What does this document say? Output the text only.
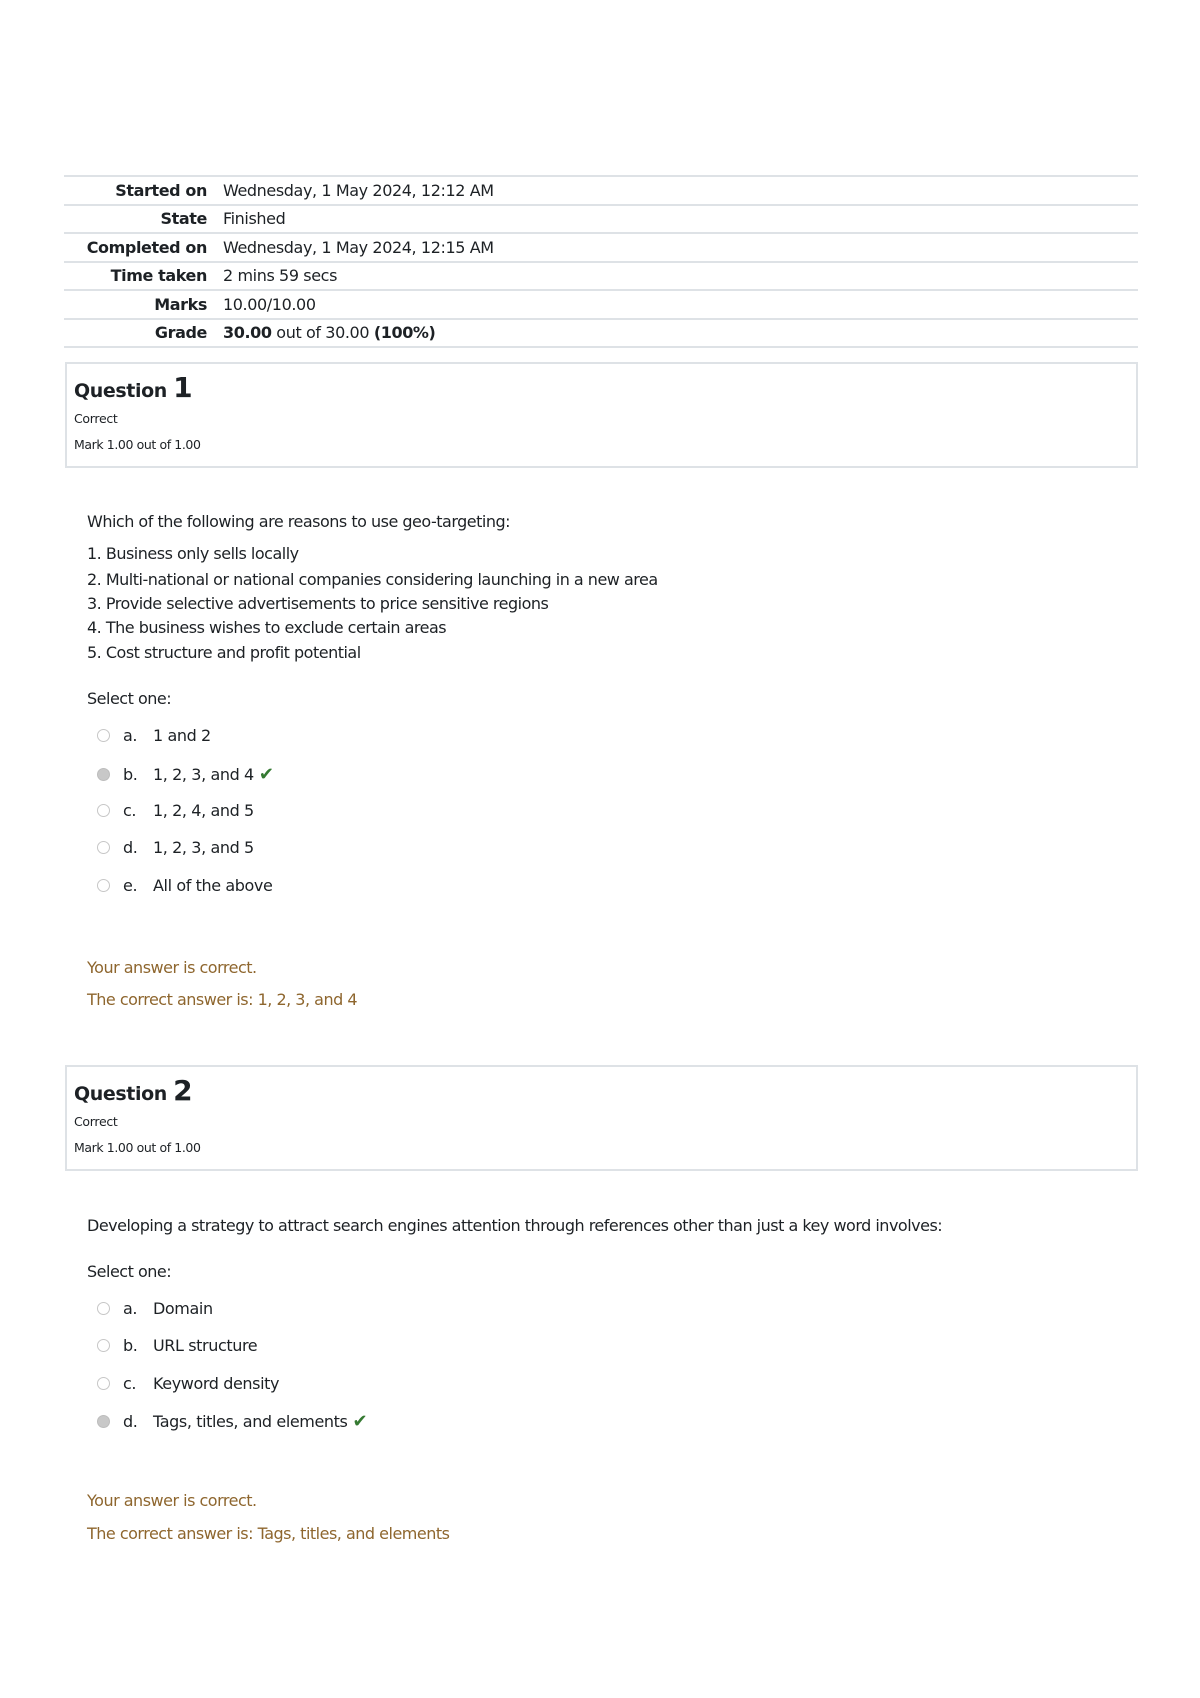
Started on	Wednesday, 1 May 2024, 12:12 AM
State	Finished
Completed on	Wednesday, 1 May 2024, 12:15 AM
Time taken	2 mins 59 secs
Marks	10.00/10.00
Grade	30.00 out of 30.00 (100%)
Question 1
Correct
Mark 1.00 out of 1.00
Which of the following are reasons to use geo-targeting:
1. Business only sells locally
2. Multi-national or national companies considering launching in a new area
3. Provide selective advertisements to price sensitive regions
4. The business wishes to exclude certain areas
5. Cost structure and profit potential
Select one:
a. 1 and 2
b. 1, 2, 3, and 4 ✔
c.	1, 2, 4, and 5
d. 1, 2, 3, and 5
e. All of the above
Your answer is correct.
The correct answer is: 1, 2, 3, and 4
Question 2
Correct
Mark 1.00 out of 1.00
Developing a strategy to attract search engines attention through references other than just a key word involves:
Select one:
a. Domain
b. URL structure
c.	Keyword density
d. Tags, titles, and elements ✔
Your answer is correct.
The correct answer is: Tags, titles, and elements
